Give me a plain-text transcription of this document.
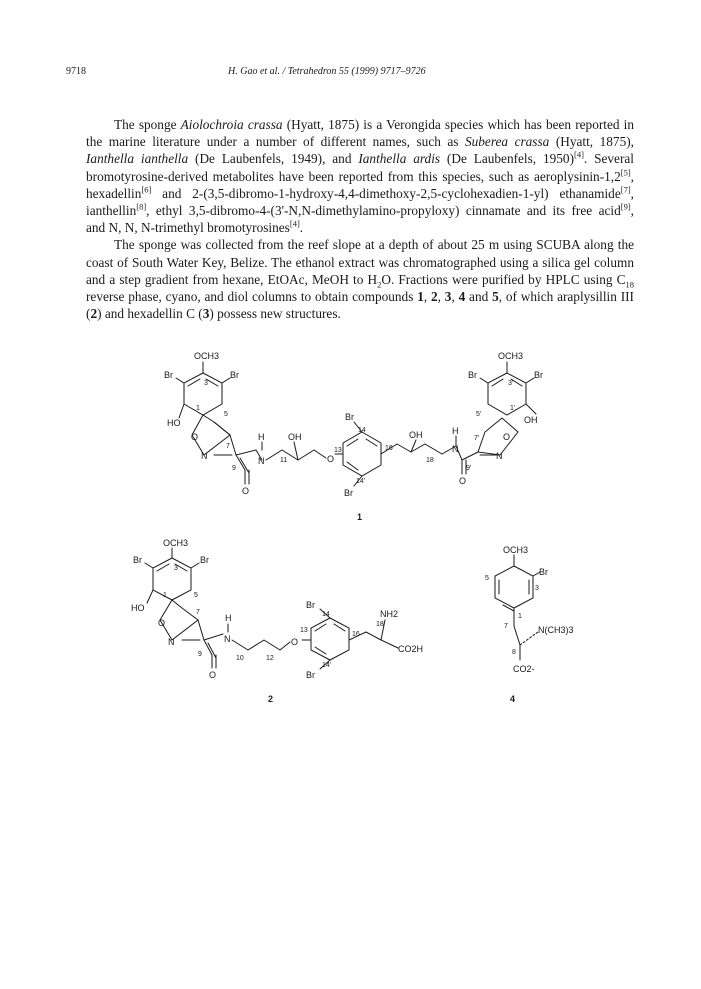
9718	H. Gao et al. / Tetrahedron 55 (1999) 9717–9726

The sponge Aiolochroia crassa (Hyatt, 1875) is a Verongida species which has been reported in the marine literature under a number of different names, such as Suberea crassa (Hyatt, 1875), Ianthella ianthella (De Laubenfels, 1949), and Ianthella ardis (De Laubenfels, 1950)[4]. Several bromotyrosine-derived metabolites have been reported from this species, such as aeroplysinin-1,2[5], hexadellin[6] and 2-(3,5-dibromo-1-hydroxy-4,4-dimethoxy-2,5-cyclohexadien-1-yl) ethanamide[7], ianthellin[8], ethyl 3,5-dibromo-4-(3'-N,N-dimethylamino-propyloxy) cinnamate and its free acid[9], and N, N, N-trimethyl bromotyrosines[4].

The sponge was collected from the reef slope at a depth of about 25 m using SCUBA along the coast of South Water Key, Belize. The ethanol extract was chromatographed using a silica gel column and a step gradient from hexane, EtOAc, MeOH to $H_2O$. Fractions were purified by HPLC using $C_{18}$ reverse phase, cyano, and diol columns to obtain compounds 1, 2, 3, 4 and 5, of which araplysillin III (2) and hexadellin C (3) possess new structures.

OCH3
Br	Br
HO
O
N
H
N
O
OH
O
Br
Br
OH	H
N
O
O
N
OCH3
Br	Br
OH
3
5
1
7
9
11
13
14
14'
16
18
3'
5'
1'
7'
9'
1
OCH3
Br	Br
HO
O
N
H
N
O
O
Br
Br
NH2
CO2H
3
5
1
7
9
10	12
13
14
14'
16
18
2
OCH3
Br
N(CH3)3
CO2-
5
3
1
7
8
4
